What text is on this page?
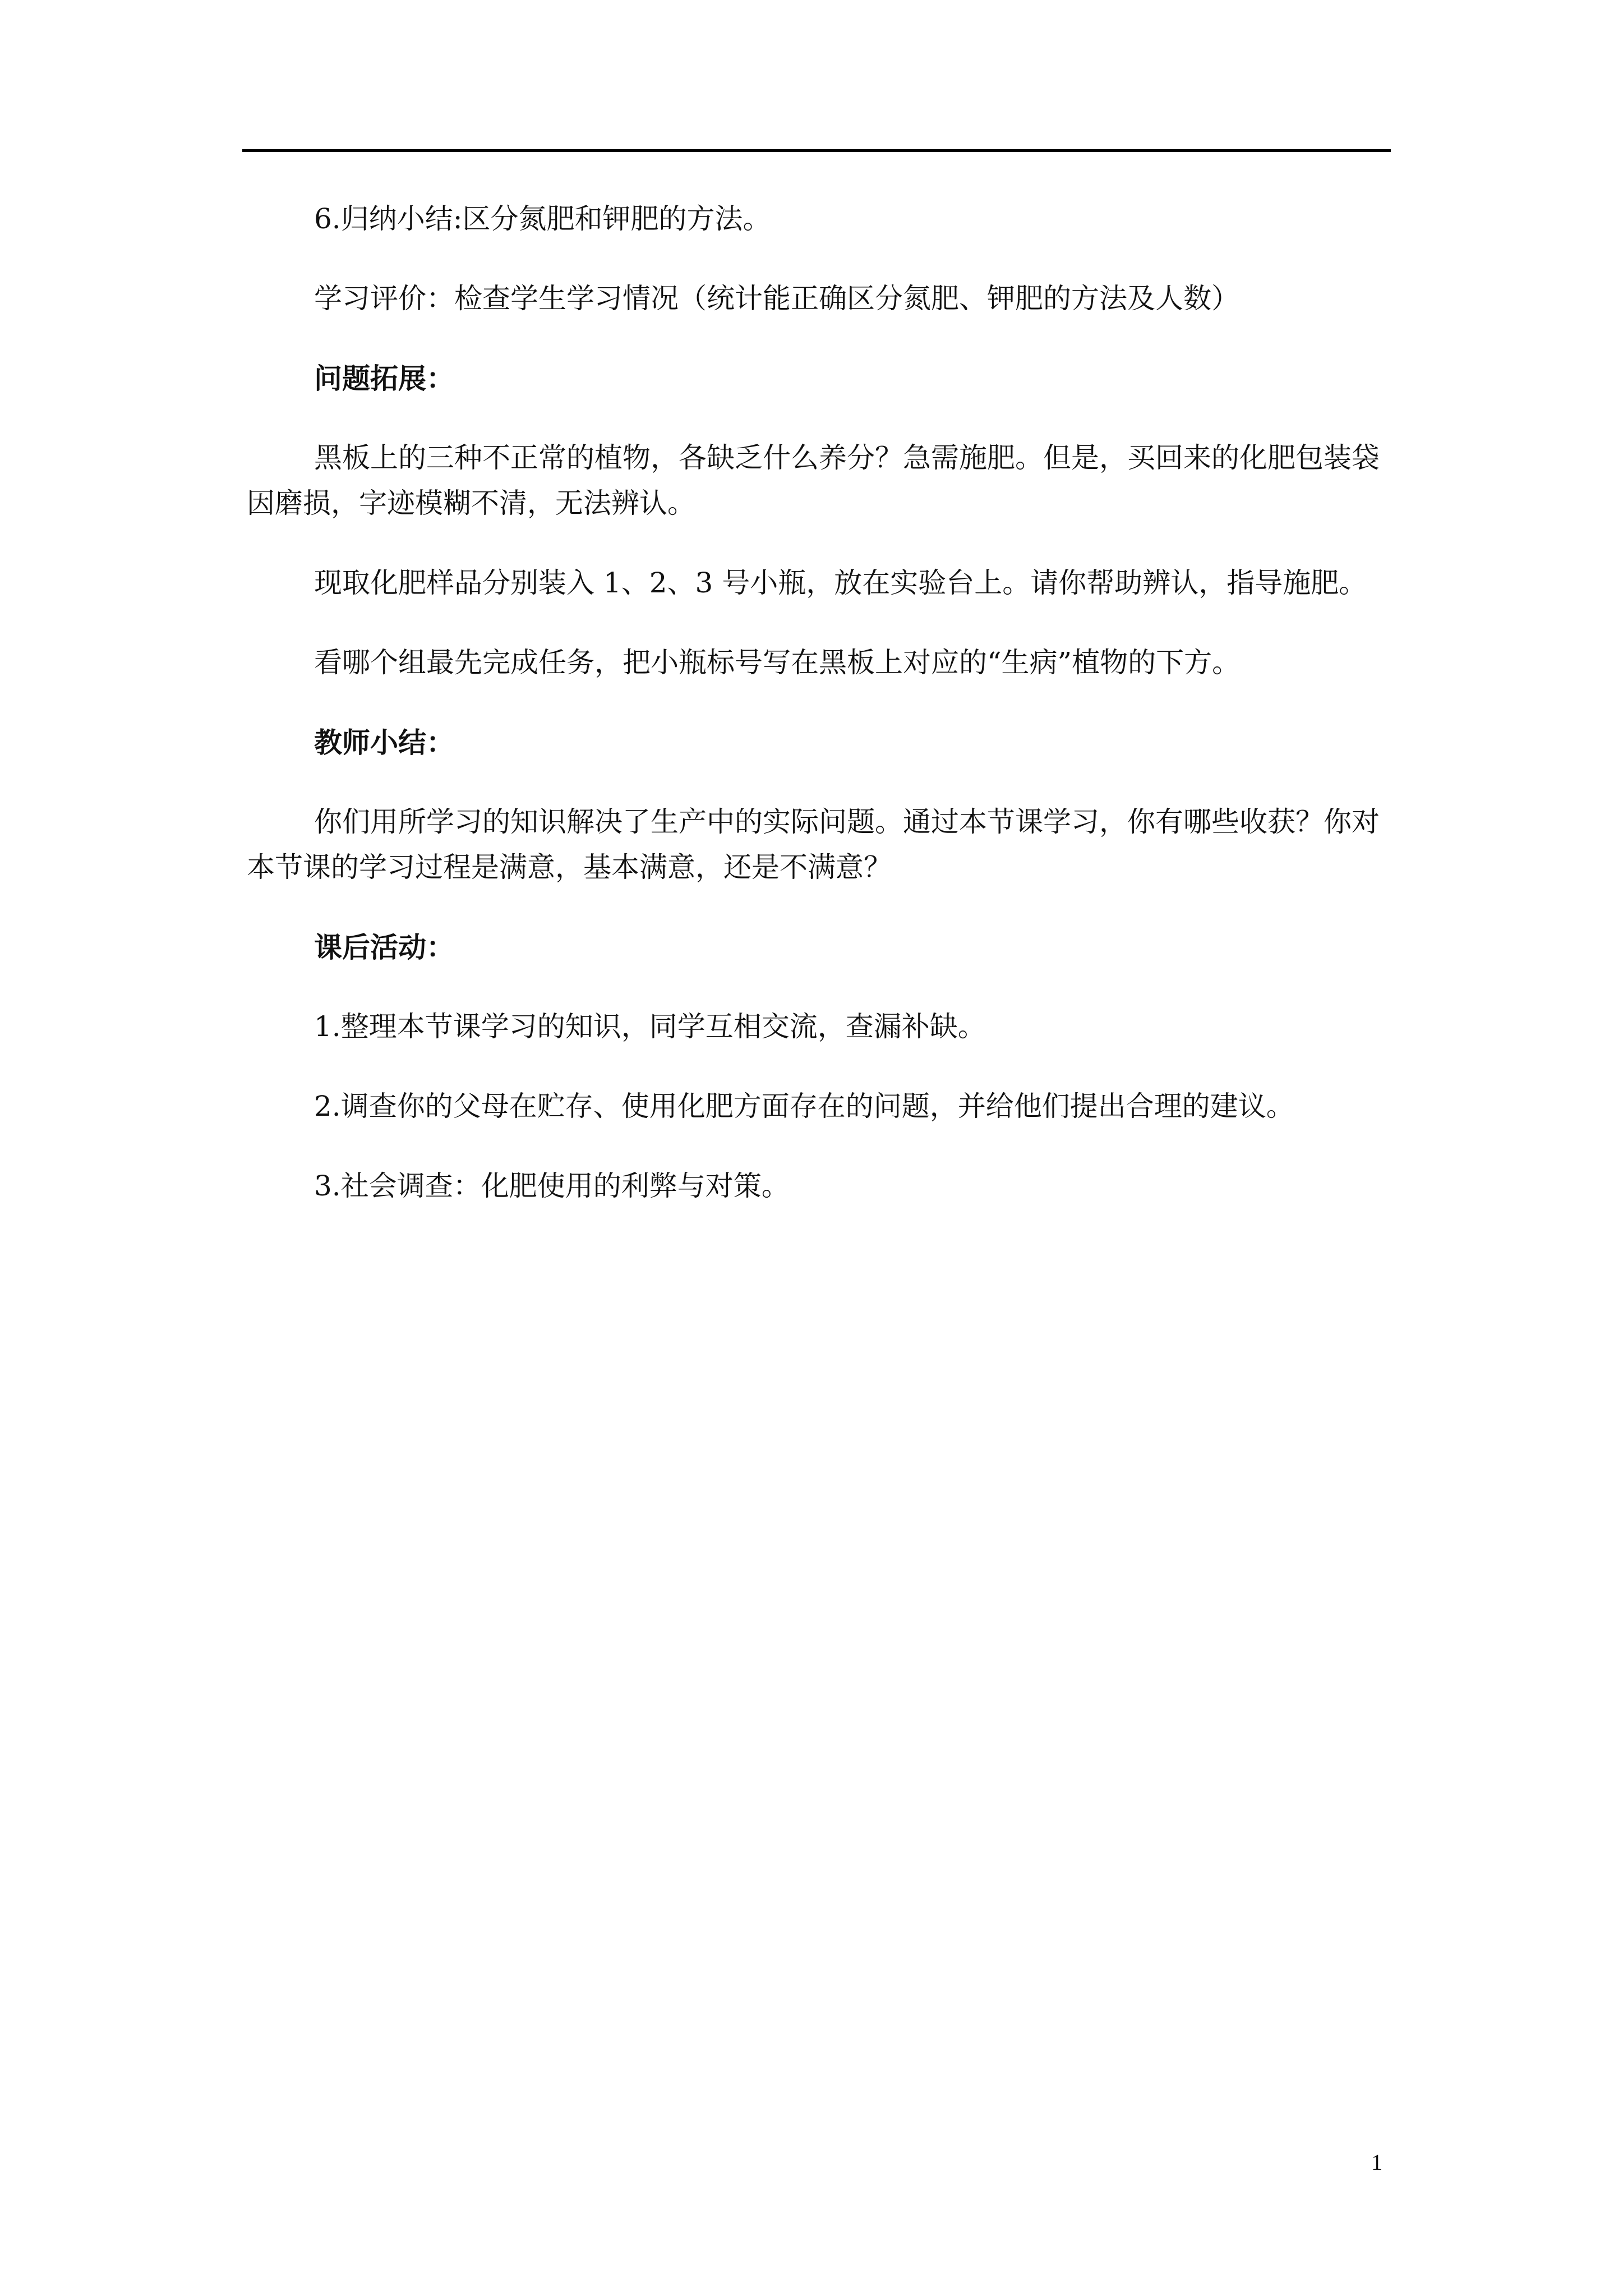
6.归纳小结:区分氮肥和钾肥的方法。

学习评价：检查学生学习情况（统计能正确区分氮肥、钾肥的方法及人数）

问题拓展：

黑板上的三种不正常的植物，各缺乏什么养分？急需施肥。但是，买回来的化肥包装袋因磨损，字迹模糊不清，无法辨认。

现取化肥样品分别装入 1、2、3 号小瓶，放在实验台上。请你帮助辨认，指导施肥。

看哪个组最先完成任务，把小瓶标号写在黑板上对应的“生病”植物的下方。

教师小结：

你们用所学习的知识解决了生产中的实际问题。通过本节课学习，你有哪些收获？你对本节课的学习过程是满意，基本满意，还是不满意？

课后活动：

1.整理本节课学习的知识，同学互相交流，查漏补缺。

2.调查你的父母在贮存、使用化肥方面存在的问题，并给他们提出合理的建议。

3.社会调查：化肥使用的利弊与对策。

1
